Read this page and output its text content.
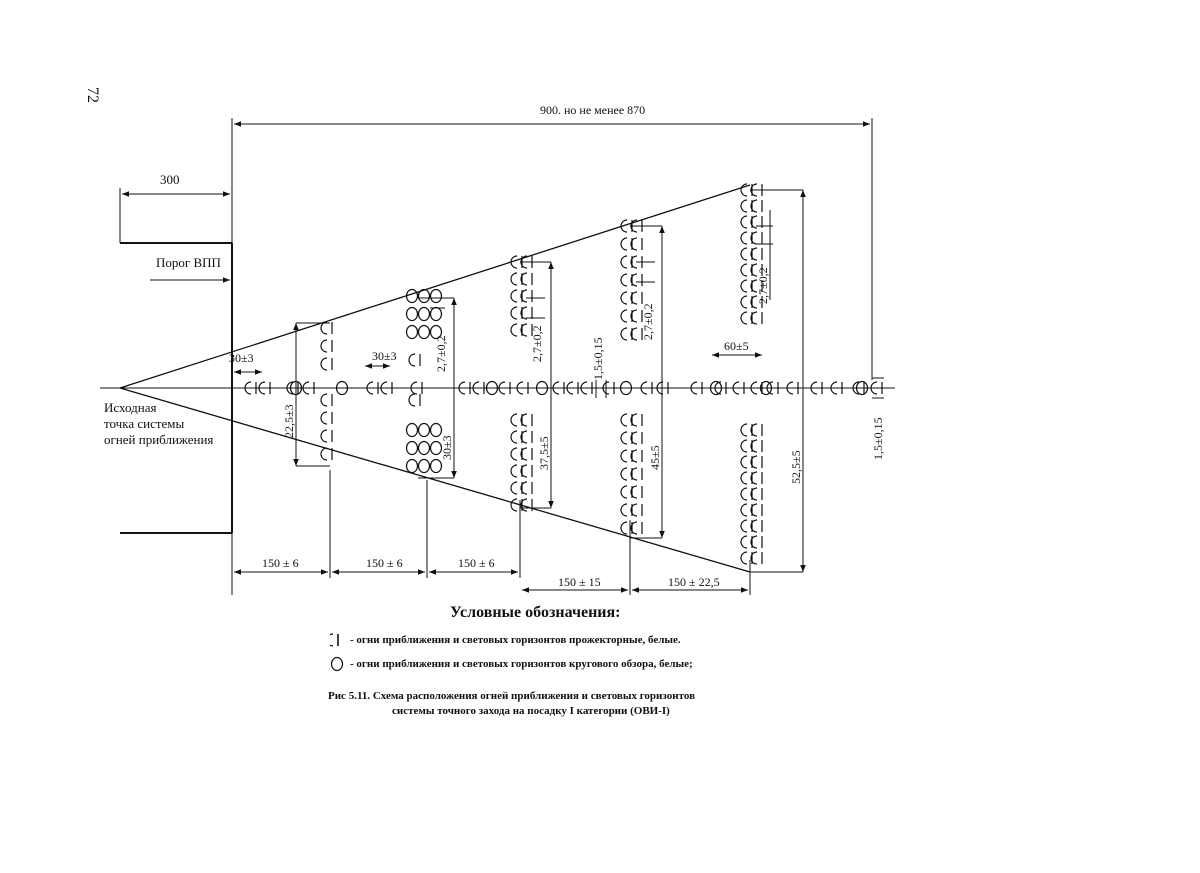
72
Порог ВПП
Исходная
точка системы
огней приближения
900. но не менее 870
300
150 ± 6	150 ± 6	150 ± 6
150 ± 15	150 ± 22,5
30±3	30±3
60±5
22,5±3
30±3	37,5±5	45±5	52,5±5
2,7±0,2	2,7±0,2
2,7±0,2
2,7±0,2
1,5±0,15
1,5±0,15
Условные обозначения:
- огни приближения и световых горизонтов прожекторные, белые.
- огни приближения и световых горизонтов кругового обзора, белые;
Рис 5.11. Схема расположения огней приближения и световых горизонтов
системы точного захода на посадку I категории (ОВИ-I)
